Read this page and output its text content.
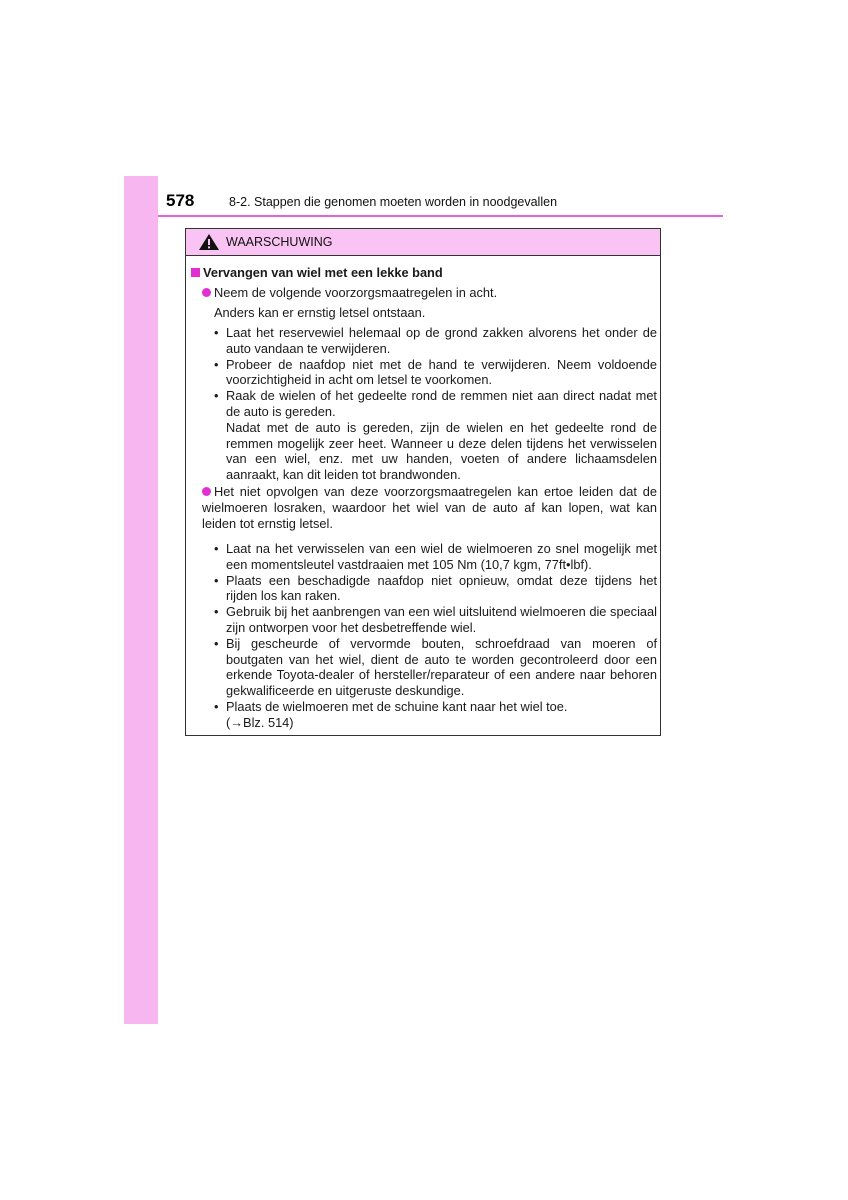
578	8-2. Stappen die genomen moeten worden in noodgevallen
WAARSCHUWING
Vervangen van wiel met een lekke band
Neem de volgende voorzorgsmaatregelen in acht.
Anders kan er ernstig letsel ontstaan.
• Laat het reservewiel helemaal op de grond zakken alvorens het onder de auto vandaan te verwijderen.
• Probeer de naafdop niet met de hand te verwijderen. Neem voldoende voorzichtigheid in acht om letsel te voorkomen.
• Raak de wielen of het gedeelte rond de remmen niet aan direct nadat met de auto is gereden.
Nadat met de auto is gereden, zijn de wielen en het gedeelte rond de remmen mogelijk zeer heet. Wanneer u deze delen tijdens het verwisselen van een wiel, enz. met uw handen, voeten of andere lichaamsdelen aanraakt, kan dit leiden tot brandwonden.
Het niet opvolgen van deze voorzorgsmaatregelen kan ertoe leiden dat de wielmoeren losraken, waardoor het wiel van de auto af kan lopen, wat kan leiden tot ernstig letsel.
• Laat na het verwisselen van een wiel de wielmoeren zo snel mogelijk met een momentsleutel vastdraaien met 105 Nm (10,7 kgm, 77ft•lbf).
• Plaats een beschadigde naafdop niet opnieuw, omdat deze tijdens het rijden los kan raken.
• Gebruik bij het aanbrengen van een wiel uitsluitend wielmoeren die speciaal zijn ontworpen voor het desbetreffende wiel.
• Bij gescheurde of vervormde bouten, schroefdraad van moeren of boutgaten van het wiel, dient de auto te worden gecontroleerd door een erkende Toyota-dealer of hersteller/reparateur of een andere naar behoren gekwalificeerde en uitgeruste deskundige.
• Plaats de wielmoeren met de schuine kant naar het wiel toe.
(→Blz. 514)
